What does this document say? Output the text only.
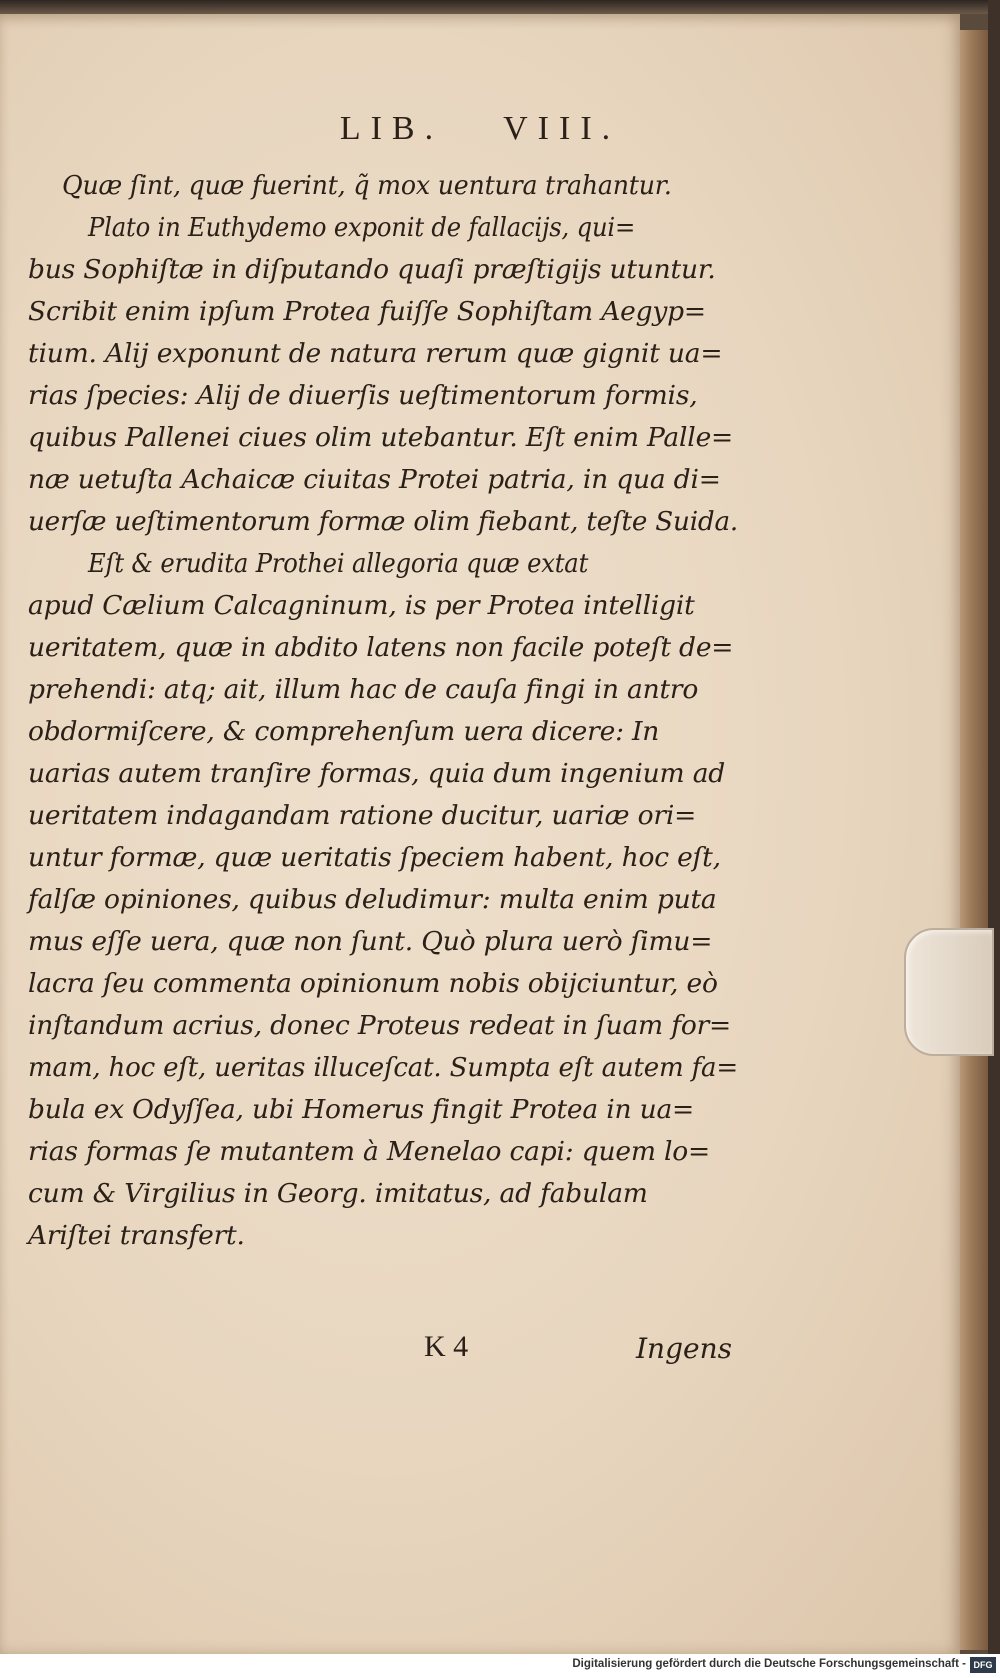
LIB. VIII.
Quæ ſint, quæ fuerint, q̃ mox uentura trahantur.
Plato in Euthydemo exponit de fallacijs, qui=
bus Sophiſtæ in diſputando quaſi præſtigijs utuntur.
Scribit enim ipſum Protea fuiſſe Sophiſtam Aegyp=
tium. Alij exponunt de natura rerum quæ gignit ua=
rias ſpecies: Alij de diuerſis ueſtimentorum formis,
quibus Pallenei ciues olim utebantur. Eſt enim Palle=
næ uetuſta Achaicæ ciuitas Protei patria, in qua di=
uerſæ ueſtimentorum formæ olim fiebant, teſte Suida.
Eſt & erudita Prothei allegoria quæ extat
apud Cælium Calcagninum, is per Protea intelligit
ueritatem, quæ in abdito latens non facile poteſt de=
prehendi: atq; ait, illum hac de cauſa fingi in antro
obdormiſcere, & comprehenſum uera dicere: In
uarias autem tranſire formas, quia dum ingenium ad
ueritatem indagandam ratione ducitur, uariæ ori=
untur formæ, quæ ueritatis ſpeciem habent, hoc eſt,
falſæ opiniones, quibus deludimur: multa enim puta
mus eſſe uera, quæ non ſunt. Quò plura uerò ſimu=
lacra ſeu commenta opinionum nobis obijciuntur, eò
inſtandum acrius, donec Proteus redeat in ſuam for=
mam, hoc eſt, ueritas illuceſcat. Sumpta eſt autem fa=
bula ex Odyſſea, ubi Homerus fingit Protea in ua=
rias formas ſe mutantem à Menelao capi: quem lo=
cum & Virgilius in Georg. imitatus, ad fabulam
Ariſtei transfert.
K 4	Ingens
Digitalisierung gefördert durch die Deutsche Forschungsgemeinschaft - DFG
